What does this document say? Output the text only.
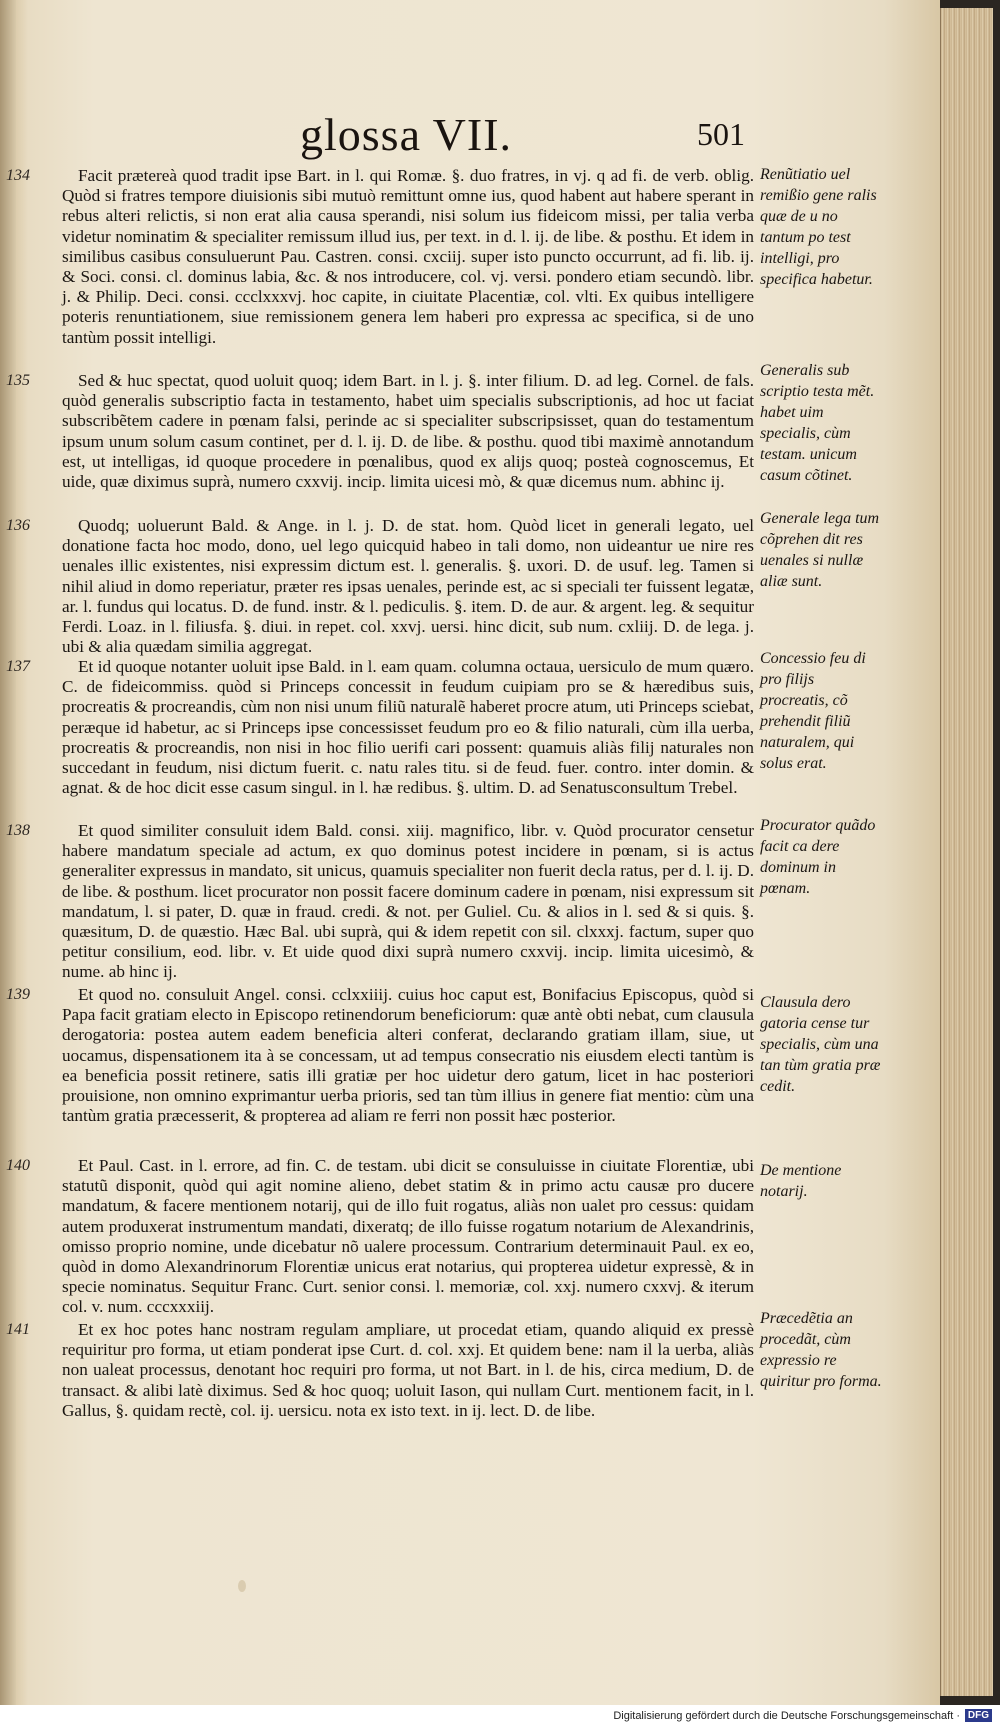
glossa VII.	501

134	Facit prætereà quod tradit ipse Bart. in l. qui Romæ. §. duo fratres, in vj. q ad fi. de verb. oblig. Quòd si fratres tempore diuisionis sibi mutuò remittunt omne ius, quod habent aut habere sperant in rebus alteri relictis, si non erat alia causa sperandi, nisi solum ius fideicom missi, per talia verba videtur nominatim & specialiter remissum illud ius, per text. in d. l. ij. de libe. & posthu. Et idem in similibus casibus consuluerunt Pau. Castren. consi. cxciij. super isto puncto occurrunt, ad fi. lib. ij. & Soci. consi. cl. dominus labia, &c. & nos introducere, col. vj. versi. pondero etiam secundò. libr. j. & Philip. Deci. consi. ccclxxxvj. hoc capite, in ciuitate Placentiæ, col. vlti. Ex quibus intelligere poteris renuntiationem, siue remissionem genera lem haberi pro expressa ac specifica, si de uno tantùm possit intelligi.

135	Sed & huc spectat, quod uoluit quoq; idem Bart. in l. j. §. inter filium. D. ad leg. Cornel. de fals. quòd generalis subscriptio facta in testamento, habet uim specialis subscriptionis, ad hoc ut faciat subscribẽtem cadere in pœnam falsi, perinde ac si specialiter subscripsisset, quan do testamentum ipsum unum solum casum continet, per d. l. ij. D. de libe. & posthu. quod tibi maximè annotandum est, ut intelligas, id quoque procedere in pœnalibus, quod ex alijs quoq; posteà cognoscemus, Et uide, quæ diximus suprà, numero cxxvij. incip. limita uicesi mò, & quæ dicemus num. abhinc ij.

136	Quodq; uoluerunt Bald. & Ange. in l. j. D. de stat. hom. Quòd licet in generali legato, uel donatione facta hoc modo, dono, uel lego quicquid habeo in tali domo, non uideantur ue nire res uenales illic existentes, nisi expressim dictum est. l. generalis. §. uxori. D. de usuf. leg. Tamen si nihil aliud in domo reperiatur, præter res ipsas uenales, perinde est, ac si speciali ter fuissent legatæ, ar. l. fundus qui locatus. D. de fund. instr. & l. pediculis. §. item. D. de aur. & argent. leg. & sequitur Ferdi. Loaz. in l. filiusfa. §. diui. in repet. col. xxvj. uersi. hinc dicit, sub num. cxliij. D. de lega. j. ubi & alia quædam similia aggregat.

137	Et id quoque notanter uoluit ipse Bald. in l. eam quam. columna octaua, uersiculo de mum quæro. C. de fideicommiss. quòd si Princeps concessit in feudum cuipiam pro se & hæredibus suis, procreatis & procreandis, cùm non nisi unum filiũ naturalẽ haberet procre atum, uti Princeps sciebat, peræque id habetur, ac si Princeps ipse concessisset feudum pro eo & filio naturali, cùm illa uerba, procreatis & procreandis, non nisi in hoc filio uerifi cari possent: quamuis aliàs filij naturales non succedant in feudum, nisi dictum fuerit. c. natu rales titu. si de feud. fuer. contro. inter domin. & agnat. & de hoc dicit esse casum singul. in l. hæ redibus. §. ultim. D. ad Senatusconsultum Trebel.

138	Et quod similiter consuluit idem Bald. consi. xiij. magnifico, libr. v. Quòd procurator censetur habere mandatum speciale ad actum, ex quo dominus potest incidere in pœnam, si is actus generaliter expressus in mandato, sit unicus, quamuis specialiter non fuerit decla ratus, per d. l. ij. D. de libe. & posthum. licet procurator non possit facere dominum cadere in pœnam, nisi expressum sit mandatum, l. si pater, D. quæ in fraud. credi. & not. per Guliel. Cu. & alios in l. sed & si quis. §. quæsitum, D. de quæstio. Hæc Bal. ubi suprà, qui & idem repetit con sil. clxxxj. factum, super quo petitur consilium, eod. libr. v. Et uide quod dixi suprà numero cxxvij. incip. limita uicesimò, & nume. ab hinc ij.

139	Et quod no. consuluit Angel. consi. cclxxiiij. cuius hoc caput est, Bonifacius Episcopus, quòd si Papa facit gratiam electo in Episcopo retinendorum beneficiorum: quæ antè obti nebat, cum clausula derogatoria: postea autem eadem beneficia alteri conferat, declarando gratiam illam, siue, ut uocamus, dispensationem ita à se concessam, ut ad tempus consecratio nis eiusdem electi tantùm is ea beneficia possit retinere, satis illi gratiæ per hoc uidetur dero gatum, licet in hac posteriori prouisione, non omnino exprimantur uerba prioris, sed tan tùm illius in genere fiat mentio: cùm una tantùm gratia præcesserit, & propterea ad aliam re ferri non possit hæc posterior.

140	Et Paul. Cast. in l. errore, ad fin. C. de testam. ubi dicit se consuluisse in ciuitate Florentiæ, ubi statutũ disponit, quòd qui agit nomine alieno, debet statim & in primo actu causæ pro ducere mandatum, & facere mentionem notarij, qui de illo fuit rogatus, aliàs non ualet pro cessus: quidam autem produxerat instrumentum mandati, dixeratq; de illo fuisse rogatum notarium de Alexandrinis, omisso proprio nomine, unde dicebatur nõ ualere processum. Contrarium determinauit Paul. ex eo, quòd in domo Alexandrinorum Florentiæ unicus erat notarius, qui propterea uidetur expressè, & in specie nominatus. Sequitur Franc. Curt. senior consi. l. memoriæ, col. xxj. numero cxxvj. & iterum col. v. num. cccxxxiij.

141	Et ex hoc potes hanc nostram regulam ampliare, ut procedat etiam, quando aliquid ex pressè requiritur pro forma, ut etiam ponderat ipse Curt. d. col. xxj. Et quidem bene: nam il la uerba, aliàs non ualeat processus, denotant hoc requiri pro forma, ut not Bart. in l. de his, circa medium, D. de transact. & alibi latè diximus. Sed & hoc quoq; uoluit Iason, qui nullam Curt. mentionem facit, in l. Gallus, §. quidam rectè, col. ij. uersicu. nota ex isto text. in ij. lect. D. de libe.

Renũtiatio uel remißio gene ralis quæ de u no tantum po test intelligi, pro specifica habetur.
Generalis sub scriptio testa mẽt. habet uim specialis, cùm testam. unicum casum cõtinet.
Generale lega tum cõprehen dit res uenales si nullæ aliæ sunt.
Concessio feu di pro filijs procreatis, cõ prehendit filiũ naturalem, qui solus erat.
Procurator quãdo facit ca dere dominum in pœnam.
Clausula dero gatoria cense tur specialis, cùm una tan tùm gratia præ cedit.
De mentione notarij.
Præcedẽtia an procedãt, cùm expressio re quiritur pro forma.
Digitalisierung gefördert durch die Deutsche Forschungsgemeinschaft · DFG
